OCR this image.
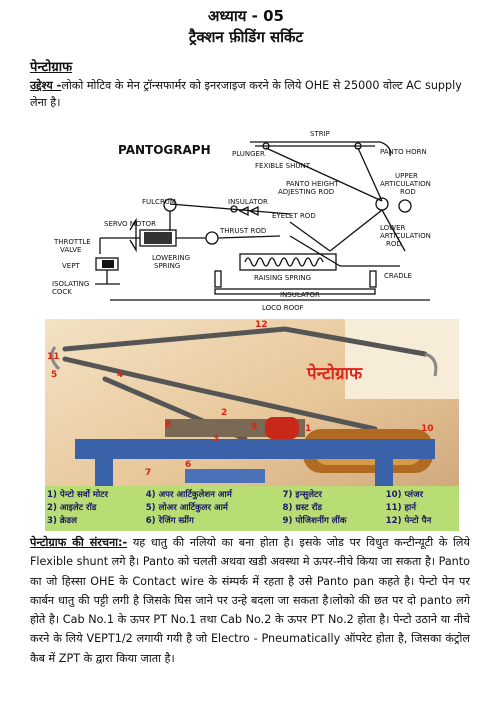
अध्याय - 05
ट्रैक्शन फ़ीडिंग सर्किट
पेन्टोग्राफ
उद्देश्य -लोको मोटिव के मेन ट्रॉन्सफार्मर को इनरजाइज करने के लिये OHE से 25000 वोल्ट AC supply लेना है।
PANTOGRAPH
STRIP
PLUNGER	PANTO HORN
FEXIBLE SHUNT
UPPER
ARTICULATION
ROD
PANTO HEIGHT
ADJESTING ROD
FULCRUM	INSULATOR
EYELET ROD
SERVO MOTOR
THRUST ROD	LOWER
ARTICULATION
ROD
THROTTLE
VALVE
LOWERING
SPRING
RAISING SPRING
VEPT
CRADLE
ISOLATING
COCK	INSULATOR
LOCO ROOF
12
11
4
1
2
3
5
6
7
8	9	10
पेन्टोग्राफ
1) पेन्टो सर्वो मोटर	4) अपर आर्टिकुलेशन आर्म	7) इन्सुलेटर	10) प्लंजर
2) आइलेट रॉड	5) लोअर आर्टिकुलर आर्म	8) थ्रस्ट रॉड	11) हार्न
3) क्रेडल	6) रेजिंग स्प्रींग	9) पोजिशनींग लींक	12) पेन्टो पैन
पेन्टोग्राफ की संरचना:- यह धातु की नलियो का बना होता है। इसके जोड पर विधुत कन्टीन्यूटी के लिये Flexible shunt लगे है। Panto को चलती अथवा खडी अवस्था मे ऊपर-नीचे किया जा सकता है। Panto का जो हिस्सा OHE के Contact wire के संम्पर्क में रहता है उसे Panto pan कहते है। पेन्टो पेन पर कार्बन धातु की पट्टी लगी है जिसके घिस जाने पर उन्हे बदला जा सकता है।लोको की छत पर दो panto लगे होते है। Cab No.1 के ऊपर PT No.1 तथा Cab No.2 के ऊपर PT No.2 होता है। पेन्टो उठाने या नीचे करने के लिये VEPT1/2 लगायी गयी है जो Electro - Pneumatically ऑपरेट होता है, जिसका कंट्रोल कैब में ZPT के द्वारा किया जाता है।
